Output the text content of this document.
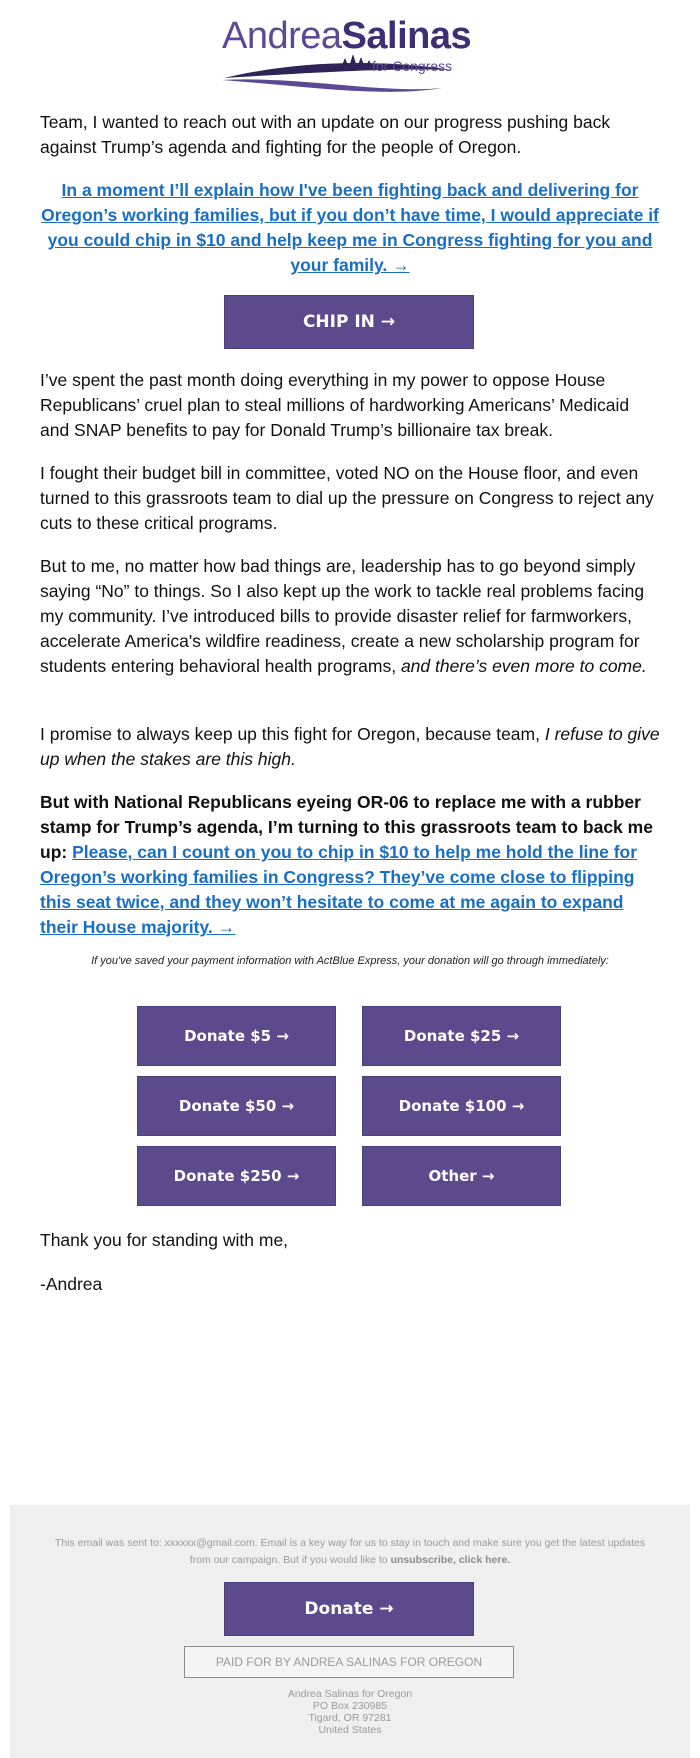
AndreaSalinas
for Congress

Team, I wanted to reach out with an update on our progress pushing back against Trump’s agenda and fighting for the people of Oregon.

In a moment I’ll explain how I've been fighting back and delivering for Oregon’s working families, but if you don’t have time, I would appreciate if you could chip in $10 and help keep me in Congress fighting for you and your family. →

CHIP IN →

I’ve spent the past month doing everything in my power to oppose House Republicans’ cruel plan to steal millions of hardworking Americans’ Medicaid and SNAP benefits to pay for Donald Trump’s billionaire tax break.

I fought their budget bill in committee, voted NO on the House floor, and even turned to this grassroots team to dial up the pressure on Congress to reject any cuts to these critical programs.

But to me, no matter how bad things are, leadership has to go beyond simply saying “No” to things. So I also kept up the work to tackle real problems facing my community. I’ve introduced bills to provide disaster relief for farmworkers, accelerate America's wildfire readiness, create a new scholarship program for students entering behavioral health programs, and there’s even more to come.

I promise to always keep up this fight for Oregon, because team, I refuse to give up when the stakes are this high.

But with National Republicans eyeing OR-06 to replace me with a rubber stamp for Trump’s agenda, I’m turning to this grassroots team to back me up: Please, can I count on you to chip in $10 to help me hold the line for Oregon’s working families in Congress? They’ve come close to flipping this seat twice, and they won’t hesitate to come at me again to expand their House majority. →

If you've saved your payment information with ActBlue Express, your donation will go through immediately:
Donate $5 →	Donate $25 →
Donate $50 →	Donate $100 →
Donate $250 →	Other →
Thank you for standing with me,
-Andrea
This email was sent to: xxxxxx@gmail.com. Email is a key way for us to stay in touch and make sure you get the latest updates from our campaign. But if you would like to unsubscribe, click here.
Donate →
PAID FOR BY ANDREA SALINAS FOR OREGON
Andrea Salinas for Oregon
PO Box 230985
Tigard, OR 97281
United States
